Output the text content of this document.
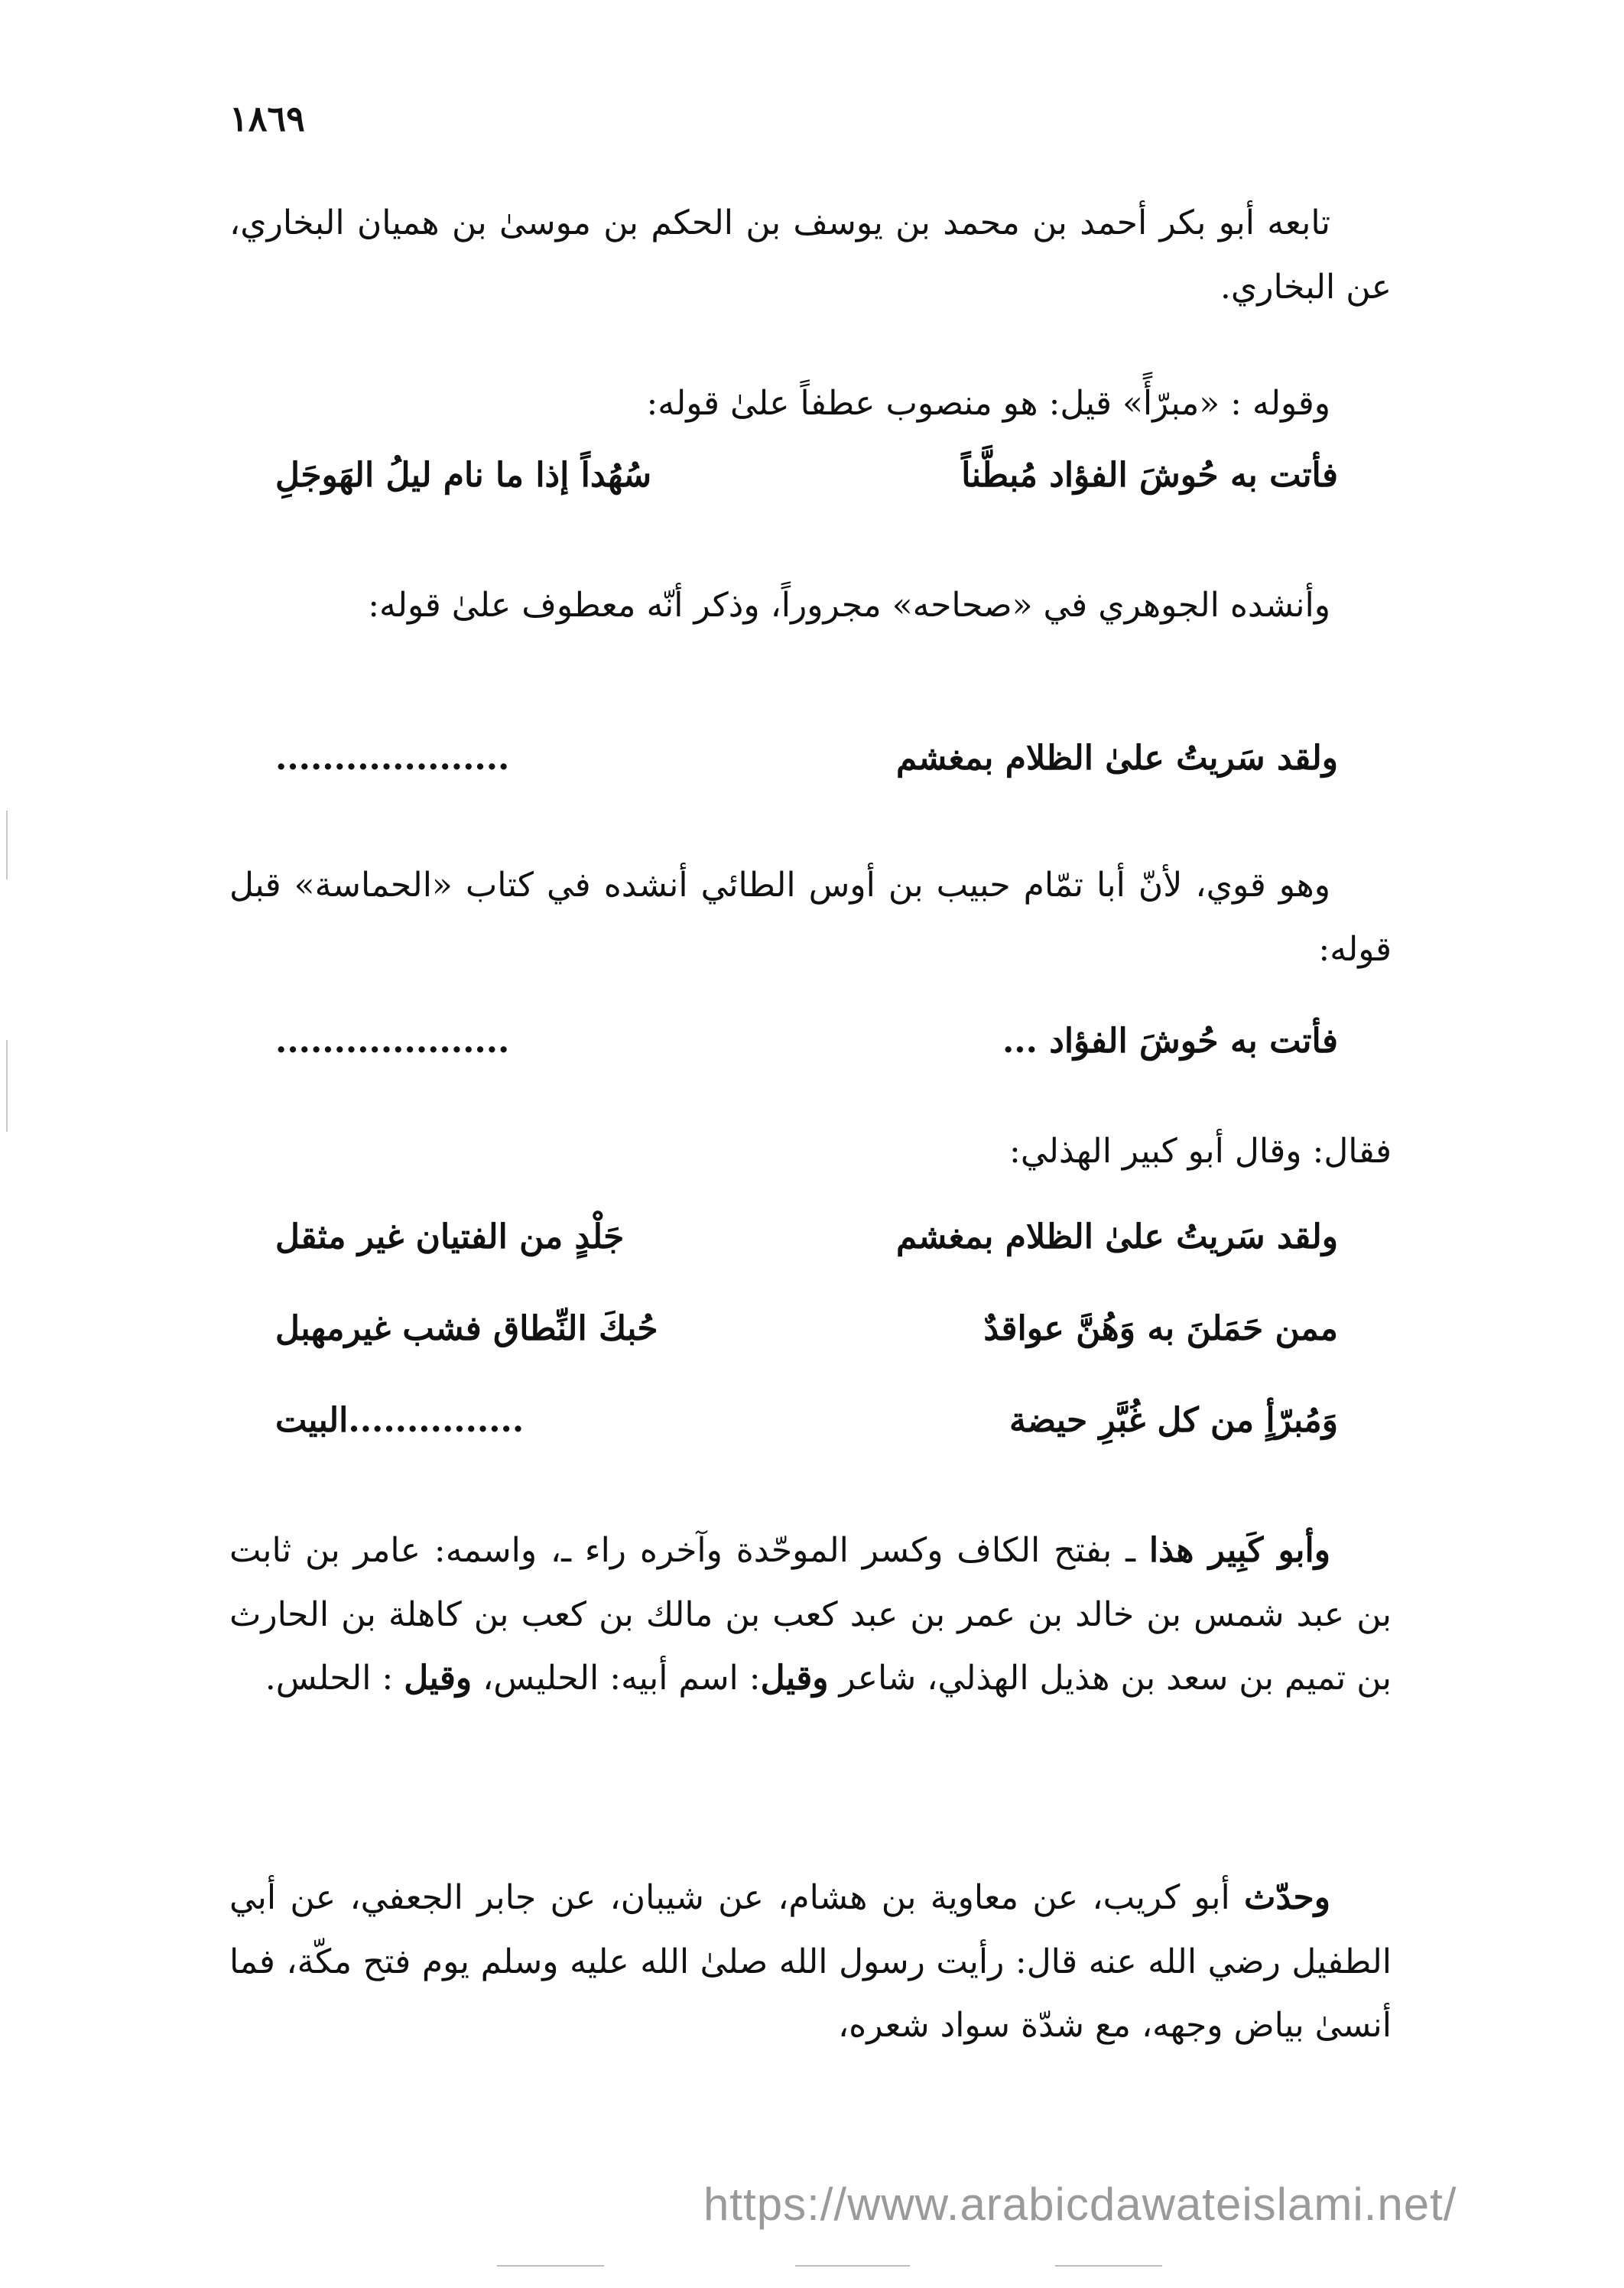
١٨٦٩

تابعه أبو بكر أحمد بن محمد بن يوسف بن الحكم بن موسىٰ بن هميان البخاري، عن البخاري.

وقوله : «مبرّأً» قيل: هو منصوب عطفاً علىٰ قوله:

فأتت به حُوشَ الفؤاد مُبطَّناً
سُهُداً إذا ما نام ليلُ الهَوجَلِ

وأنشده الجوهري في «صحاحه» مجروراً، وذكر أنّه معطوف علىٰ قوله:

ولقد سَريتُ علىٰ الظلام بمغشم
....................

وهو قوي، لأنّ أبا تمّام حبيب بن أوس الطائي أنشده في كتاب «الحماسة» قبل قوله:

فأتت به حُوشَ الفؤاد ...
....................
فقال: وقال أبو كبير الهذلي:
ولقد سَريتُ علىٰ الظلام بمغشم
جَلْدٍ من الفتيان غير مثقل
ممن حَمَلنَ به وَهُنَّ عواقدٌ
حُبكَ النِّطاق فشب غيرمهبل
وَمُبرّأٍ من كل غُبَّرِ حيضة
...............البيت

وأبو كَبِير هذا ـ بفتح الكاف وكسر الموحّدة وآخره راء ـ، واسمه: عامر بن ثابت بن عبد شمس بن خالد بن عمر بن عبد كعب بن مالك بن كعب بن كاهلة بن الحارث بن تميم بن سعد بن هذيل الهذلي، شاعر وقيل: اسم أبيه: الحليس، وقيل : الحلس.

وحدّث أبو كريب، عن معاوية بن هشام، عن شيبان، عن جابر الجعفي، عن أبي الطفيل رضي الله عنه قال: رأيت رسول الله صلىٰ الله عليه وسلم يوم فتح مكّة، فما أنسىٰ بياض وجهه، مع شدّة سواد شعره،

https://www.arabicdawateislami.net/
